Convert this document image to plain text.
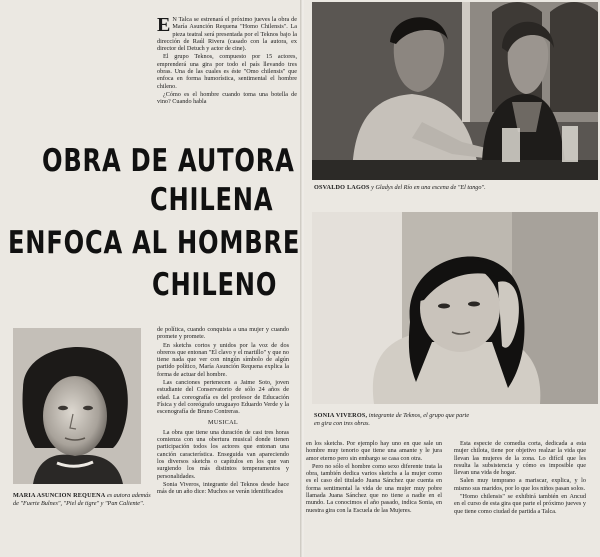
E N Talca se estrenará el próximo jueves la obra de María Asunción Requena "Homo Chilensis". La pieza teatral será presentada por el Teknos bajo la dirección de Raúl Rivera (casado con la autora, ex director del Detuch y actor de cine).

El grupo Teknos, compuesto por 15 actores, emprenderá una gira por todo el país llevando tres obras. Una de las cuales es éste "Omo chilensis" que enfoca en forma humorística, sentimental el hombre chileno.

¿Cómo es el hombre cuando toma una botella de vino? Cuando habla

OBRA DE AUTORA
CHILENA
ENFOCA AL HOMBRE
CHILENO

de política, cuando conquista a una mujer y cuando promete y promete.

En sketchs cortos y unidos por la voz de dos obreros que entonan "El clavo y el martillo" y que no tiene nada que ver con ningún símbolo de algún partido político, María Asunción Requena explica la forma de actuar del hombre.

Las canciones pertenecen a Jaime Soto, joven estudiante del Conservatorio de sólo 24 años de edad. La coreografía es del profesor de Educación Física y del coreógrafo uruguayo Eduardo Verde y la escenografía de Bruno Contreras.

MUSICAL

La obra que tiene una duración de casi tres horas comienza con una obertura musical donde tienen participación todos los actores que entonan una canción característica. Enseguida van apareciendo los diversos sketchs o capítulos en los que van surgiendo los más distintos temperamentos y personalidades.

Sonia Viveros, integrante del Teknos desde hace más de un año dice: Muchos se verán identificados

MARIA ASUNCION REQUENA es autora además de "Fuerte Bulnes", "Piel de tigre" y "Pan Caliente".
OSVALDO LAGOS y Gladys del Río en una escena de "El tango".
SONIA VIVEROS, integrante de Teknos, el grupo que parte en gira con tres obras.

en los sketchs. Por ejemplo hay uno en que sale un hombre muy tenorio que tiene una amante y le jura amor eterno pero sin embargo se casa con otra.

Pero no sólo el hombre como sexo diferente trata la obra, también dedica varios sketchs a la mujer como es el caso del titulado Juana Sánchez que cuenta en forma sentimental la vida de una mujer muy pobre llamada Juana Sánchez que no tiene a nadie en el mundo. La conocimos el año pasado, indica Sonia, en nuestra gira con la Escuela de las Mujeres.

Esta especie de comedia corta, dedicada a esta mujer chilota, tiene por objetivo realzar la vida que llevan las mujeres de la zona. Lo difícil que les resulta la subsistencia y cómo es imposible que llevan una vida de hogar.

Salen muy temprano a mariscar, explica, y lo mismo sus maridos, por lo que los niños pasan solos.

"Homo chilensis" se exhibirá también en Ancud en el curso de esta gira que parte el próximo jueves y que tiene como ciudad de partida a Talca.
